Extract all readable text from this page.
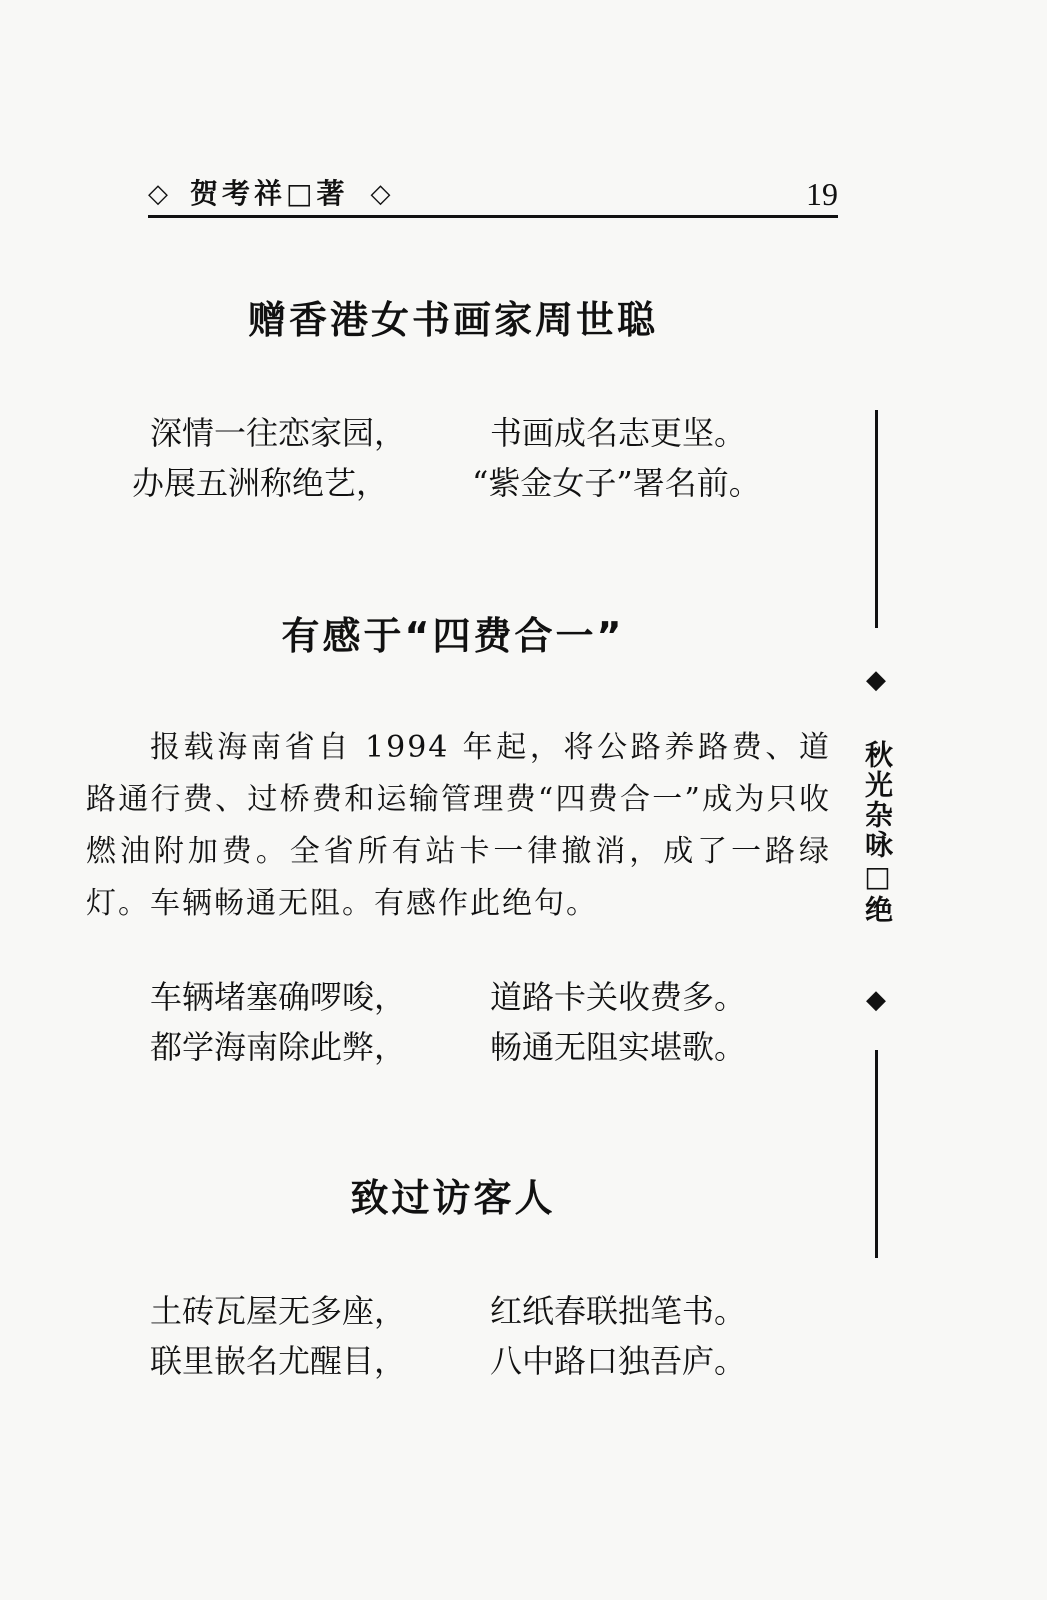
◇ 贺考祥□著 ◇	19
赠香港女书画家周世聪
深情一往恋家园，	书画成名志更坚。
办展五洲称绝艺，	“紫金女子”署名前。
有感于“四费合一”

报载海南省自 1994 年起，将公路养路费、道路通行费、过桥费和运输管理费“四费合一”成为只收燃油附加费。全省所有站卡一律撤消，成了一路绿灯。车辆畅通无阻。有感作此绝句。

车辆堵塞确啰唆，	道路卡关收费多。
都学海南除此弊，	畅通无阻实堪歌。
致过访客人
土砖瓦屋无多座，	红纸春联拙笔书。
联里嵌名尤醒目，	八中路口独吾庐。
◆
秋光杂咏□绝
◆
